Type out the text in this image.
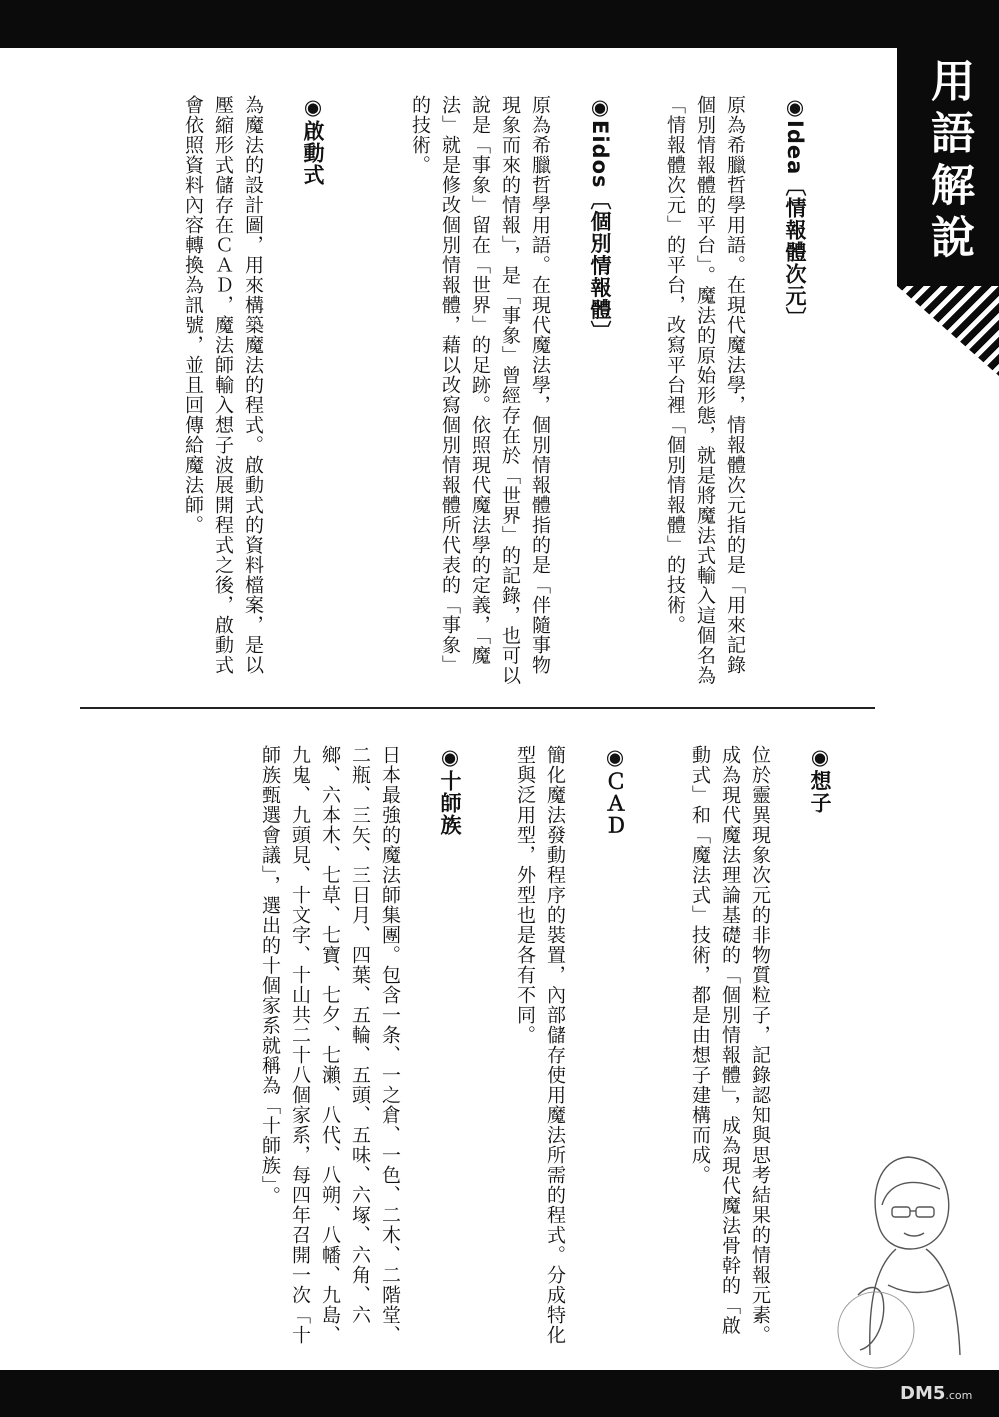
用語解說

◉Idea〔情報體次元〕

原為希臘哲學用語。在現代魔法學，情報體次元指的是「用來記錄個別情報體的平台」。魔法的原始形態，就是將魔法式輸入這個名為「情報體次元」的平台，改寫平台裡「個別情報體」的技術。

◉Eidos〔個別情報體〕

原為希臘哲學用語。在現代魔法學，個別情報體指的是「伴隨事物現象而來的情報」，是「事象」曾經存在於「世界」的記錄，也可以說是「事象」留在「世界」的足跡。依照現代魔法學的定義，「魔法」就是修改個別情報體，藉以改寫個別情報體所代表的「事象」的技術。

◉啟動式

為魔法的設計圖，用來構築魔法的程式。啟動式的資料檔案，是以壓縮形式儲存在ＣＡＤ，魔法師輸入想子波展開程式之後，啟動式會依照資料內容轉換為訊號，並且回傳給魔法師。

◉想子

位於靈異現象次元的非物質粒子，記錄認知與思考結果的情報元素。成為現代魔法理論基礎的「個別情報體」，成為現代魔法骨幹的「啟動式」和「魔法式」技術，都是由想子建構而成。

◉ＣＡＤ

簡化魔法發動程序的裝置，內部儲存使用魔法所需的程式。分成特化型與泛用型，外型也是各有不同。

◉十師族

日本最強的魔法師集團。包含一条、一之倉、一色、二木、二階堂、二瓶、三矢、三日月、四葉、五輪、五頭、五味、六塚、六角、六鄉、六本木、七草、七寶、七夕、七瀨、八代、八朔、八幡、九島、九鬼、九頭見、十文字、十山共二十八個家系，每四年召開一次「十師族甄選會議」，選出的十個家系就稱為「十師族」。

DM5.com
